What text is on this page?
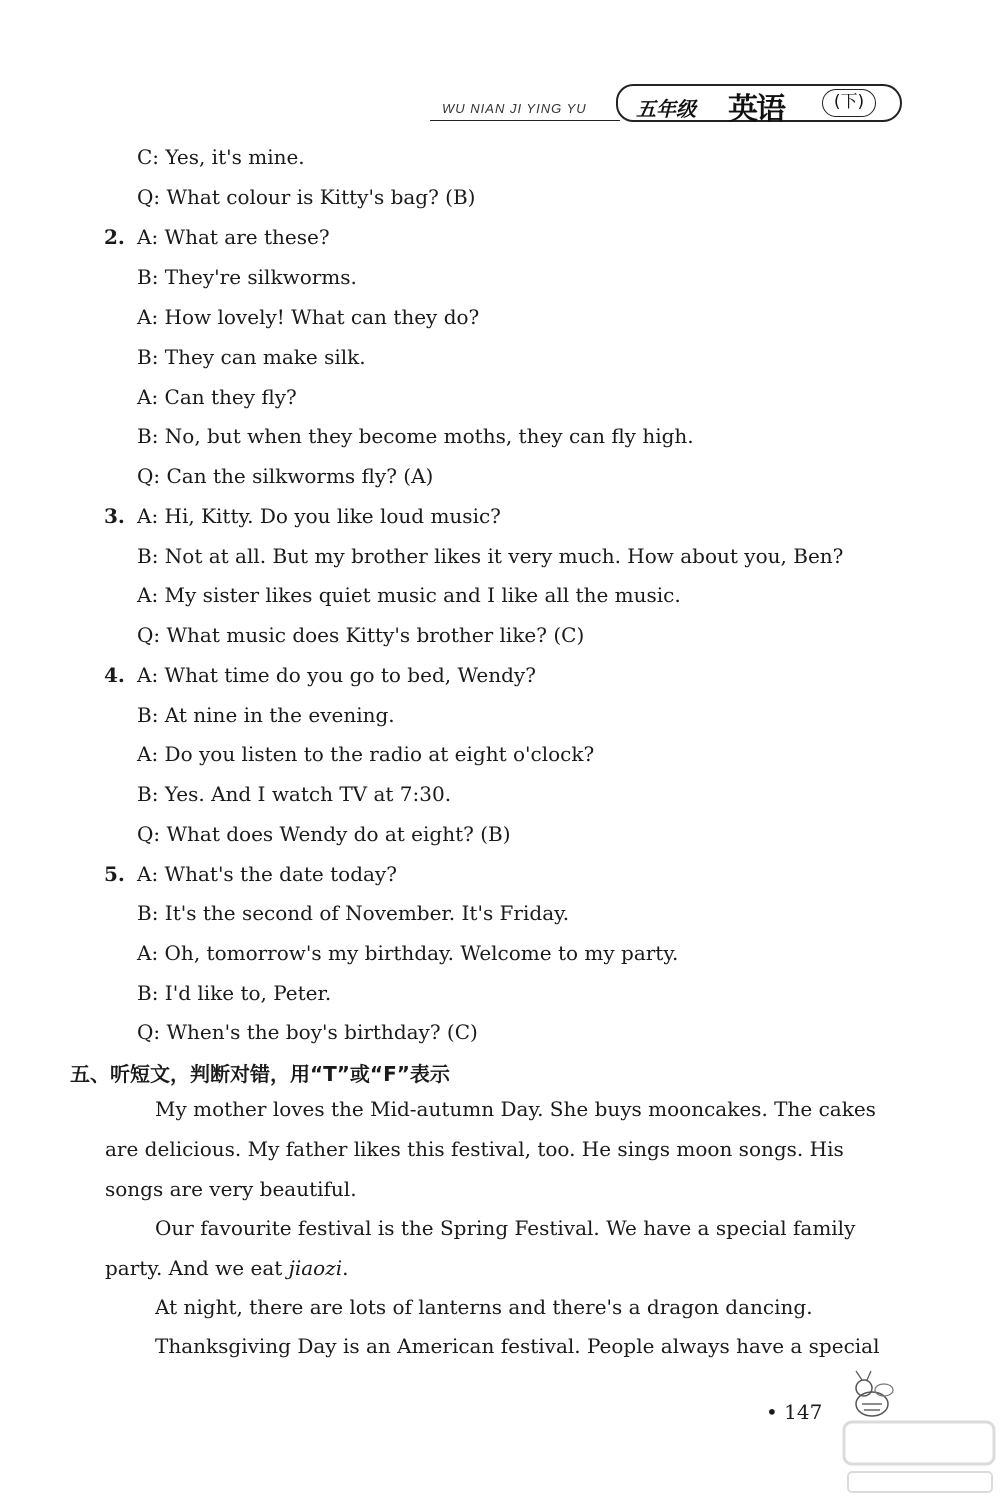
WU NIAN JI YING YU 五年级 英语	(下)
C: Yes, it's mine.
Q: What colour is Kitty's bag? (B)
2. A: What are these?
B: They're silkworms.
A: How lovely! What can they do?
B: They can make silk.
A: Can they fly?
B: No, but when they become moths, they can fly high.
Q: Can the silkworms fly? (A)
3. A: Hi, Kitty. Do you like loud music?
B: Not at all. But my brother likes it very much. How about you, Ben?
A: My sister likes quiet music and I like all the music.
Q: What music does Kitty's brother like? (C)
4. A: What time do you go to bed, Wendy?
B: At nine in the evening.
A: Do you listen to the radio at eight o'clock?
B: Yes. And I watch TV at 7:30.
Q: What does Wendy do at eight? (B)
5. A: What's the date today?
B: It's the second of November. It's Friday.
A: Oh, tomorrow's my birthday. Welcome to my party.
B: I'd like to, Peter.
Q: When's the boy's birthday? (C)
五、听短文，判断对错，用“T”或“F”表示
My mother loves the Mid-autumn Day. She buys mooncakes. The cakes
are delicious. My father likes this festival, too. He sings moon songs. His
songs are very beautiful.
Our favourite festival is the Spring Festival. We have a special family
party. And we eat jiaozi.
At night, there are lots of lanterns and there's a dragon dancing.
Thanksgiving Day is an American festival. People always have a special
• 147
